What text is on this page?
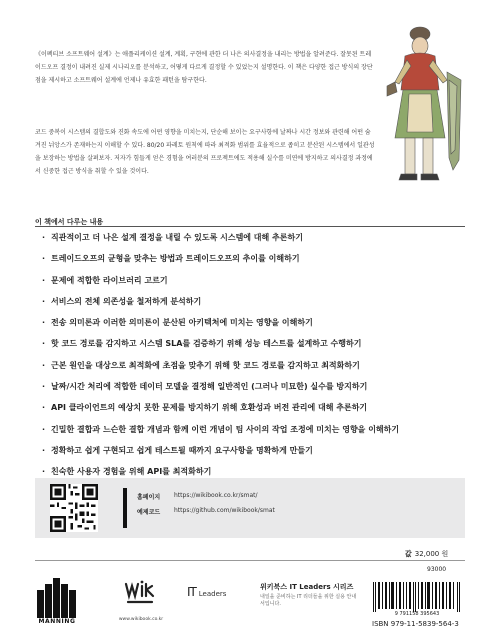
《이펙티브 소프트웨어 설계》는 애플리케이션 설계, 계획, 구현에 관한 더 나은 의사결정을 내리는 방법을 알려준다. 잘못된 트레이드오프 결정이 내려진 실제 시나리오를 분석하고, 어떻게 다르게 결정할 수 있었는지 설명한다. 이 책은 다양한 접근 방식의 장단점을 제시하고 소프트웨어 설계에 언제나 유효한 패턴을 탐구한다.

코드 중복이 시스템의 결합도와 진화 속도에 어떤 영향을 미치는지, 단순해 보이는 요구사항에 날짜나 시간 정보와 관련해 어떤 숨겨진 뉘앙스가 존재하는지 이해할 수 있다. 80/20 파레토 원칙에 따라 최적화 범위를 효율적으로 좁히고 분산된 시스템에서 일관성을 보장하는 방법을 살펴보자. 저자가 힘들게 얻은 경험을 여러분의 프로젝트에도 적용해 실수를 미연에 방지하고 의사결정 과정에서 신중한 접근 방식을 취할 수 있을 것이다.

이 책에서 다루는 내용
· 직관적이고 더 나은 설계 결정을 내릴 수 있도록 시스템에 대해 추론하기
· 트레이드오프의 균형을 맞추는 방법과 트레이드오프의 추이를 이해하기
· 문제에 적합한 라이브러리 고르기
· 서비스의 전체 의존성을 철저하게 분석하기
· 전송 의미론과 이러한 의미론이 분산된 아키텍처에 미치는 영향을 이해하기
· 핫 코드 경로를 감지하고 시스템 SLA를 검증하기 위해 성능 테스트를 설계하고 수행하기
· 근본 원인을 대상으로 최적화에 초점을 맞추기 위해 핫 코드 경로를 감지하고 최적화하기
· 날짜/시간 처리에 적합한 데이터 모델을 결정해 일반적인 (그러나 미묘한) 실수를 방지하기
· API 클라이언트의 예상치 못한 문제를 방지하기 위해 호환성과 버전 관리에 대해 추론하기
· 긴밀한 결합과 느슨한 결합 개념과 함께 이런 개념이 팀 사이의 작업 조정에 미치는 영향을 이해하기
· 정확하고 쉽게 구현되고 쉽게 테스트될 때까지 요구사항을 명확하게 만들기
· 친숙한 사용자 경험을 위해 API를 최적화하기
홈페이지 https://wikibook.co.kr/smat/
예제코드 https://github.com/wikibook/smat
값 32,000 원
MANNING	www.wikibook.co.kr
IT Leaders
위키북스 IT Leaders 시리즈
내일을 준비하는 IT 리더들을 위한 실용 안내서입니다.
93000
9 791158 395643
ISBN 979-11-5839-564-3
